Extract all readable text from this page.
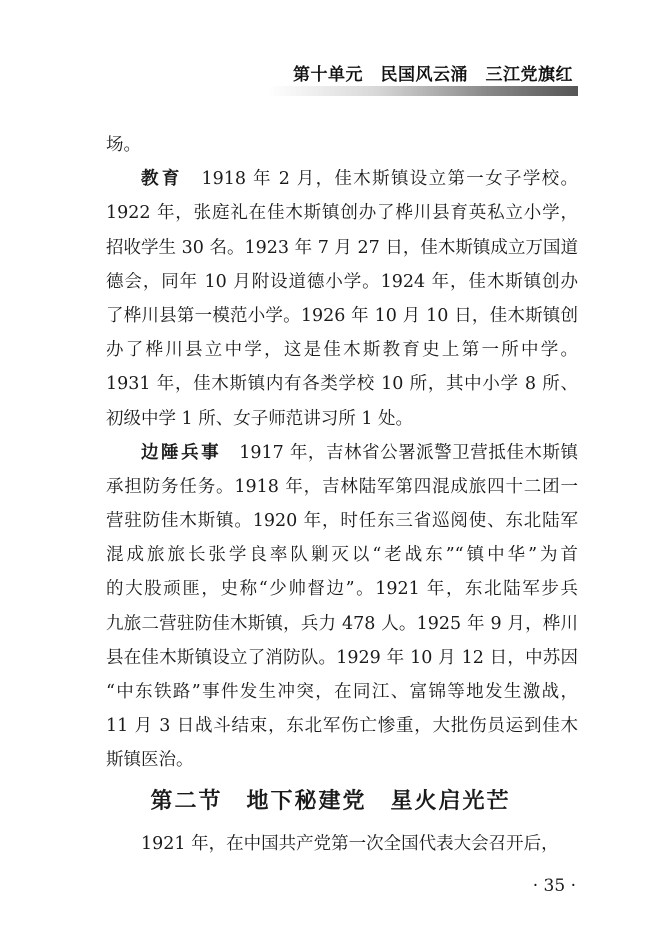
第十单元　民国风云涌　三江党旗红
场。
教育　 1918 年 2 月，佳木斯镇设立第一女子学校。
1922 年，张庭礼在佳木斯镇创办了桦川县育英私立小学，
招收学生 30 名。1923 年 7 月 27 日，佳木斯镇成立万国道
德会，同年 10 月附设道德小学。1924 年，佳木斯镇创办
了桦川县第一模范小学。1926 年 10 月 10 日，佳木斯镇创
办了桦川县立中学，这是佳木斯教育史上第一所中学。
1931 年，佳木斯镇内有各类学校 10 所，其中小学 8 所、
初级中学 1 所、女子师范讲习所 1 处。
边陲兵事　 1917 年，吉林省公署派警卫营抵佳木斯镇
承担防务任务。1918 年，吉林陆军第四混成旅四十二团一
营驻防佳木斯镇。1920 年，时任东三省巡阅使、东北陆军
混成旅旅长张学良率队剿灭以“老战东”“镇中华”为首
的大股顽匪，史称“少帅督边”。1921 年，东北陆军步兵
九旅二营驻防佳木斯镇，兵力 478 人。1925 年 9 月，桦川
县在佳木斯镇设立了消防队。1929 年 10 月 12 日，中苏因
“中东铁路”事件发生冲突，在同江、富锦等地发生激战，
11 月 3 日战斗结束，东北军伤亡惨重，大批伤员运到佳木
斯镇医治。
第二节　地下秘建党　星火启光芒
1921 年，在中国共产党第一次全国代表大会召开后，
· 35 ·
